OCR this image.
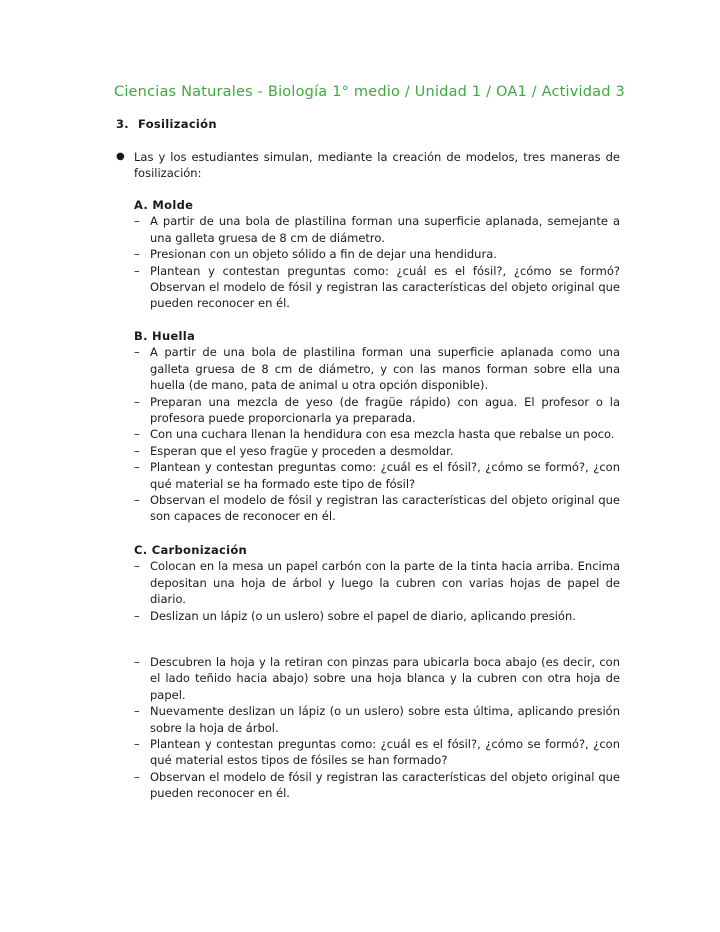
Ciencias Naturales - Biología 1° medio / Unidad 1 / OA1 / Actividad 3
3. Fosilización
● Las y los estudiantes simulan, mediante la creación de modelos, tres maneras de fosilización:
A. Molde
– A partir de una bola de plastilina forman una superficie aplanada, semejante a una galleta gruesa de 8 cm de diámetro.
– Presionan con un objeto sólido a fin de dejar una hendidura.
– Plantean y contestan preguntas como: ¿cuál es el fósil?, ¿cómo se formó? Observan el modelo de fósil y registran las características del objeto original que pueden reconocer en él.
B. Huella
– A partir de una bola de plastilina forman una superficie aplanada como una galleta gruesa de 8 cm de diámetro, y con las manos forman sobre ella una huella (de mano, pata de animal u otra opción disponible).
– Preparan una mezcla de yeso (de fragüe rápido) con agua. El profesor o la profesora puede proporcionarla ya preparada.
– Con una cuchara llenan la hendidura con esa mezcla hasta que rebalse un poco.
– Esperan que el yeso fragüe y proceden a desmoldar.
– Plantean y contestan preguntas como: ¿cuál es el fósil?, ¿cómo se formó?, ¿con qué material se ha formado este tipo de fósil?
– Observan el modelo de fósil y registran las características del objeto original que son capaces de reconocer en él.
C. Carbonización
– Colocan en la mesa un papel carbón con la parte de la tinta hacia arriba. Encima depositan una hoja de árbol y luego la cubren con varias hojas de papel de diario.
– Deslizan un lápiz (o un uslero) sobre el papel de diario, aplicando presión.
– Descubren la hoja y la retiran con pinzas para ubicarla boca abajo (es decir, con el lado teñido hacia abajo) sobre una hoja blanca y la cubren con otra hoja de papel.
– Nuevamente deslizan un lápiz (o un uslero) sobre esta última, aplicando presión sobre la hoja de árbol.
– Plantean y contestan preguntas como: ¿cuál es el fósil?, ¿cómo se formó?, ¿con qué material estos tipos de fósiles se han formado?
– Observan el modelo de fósil y registran las características del objeto original que pueden reconocer en él.
